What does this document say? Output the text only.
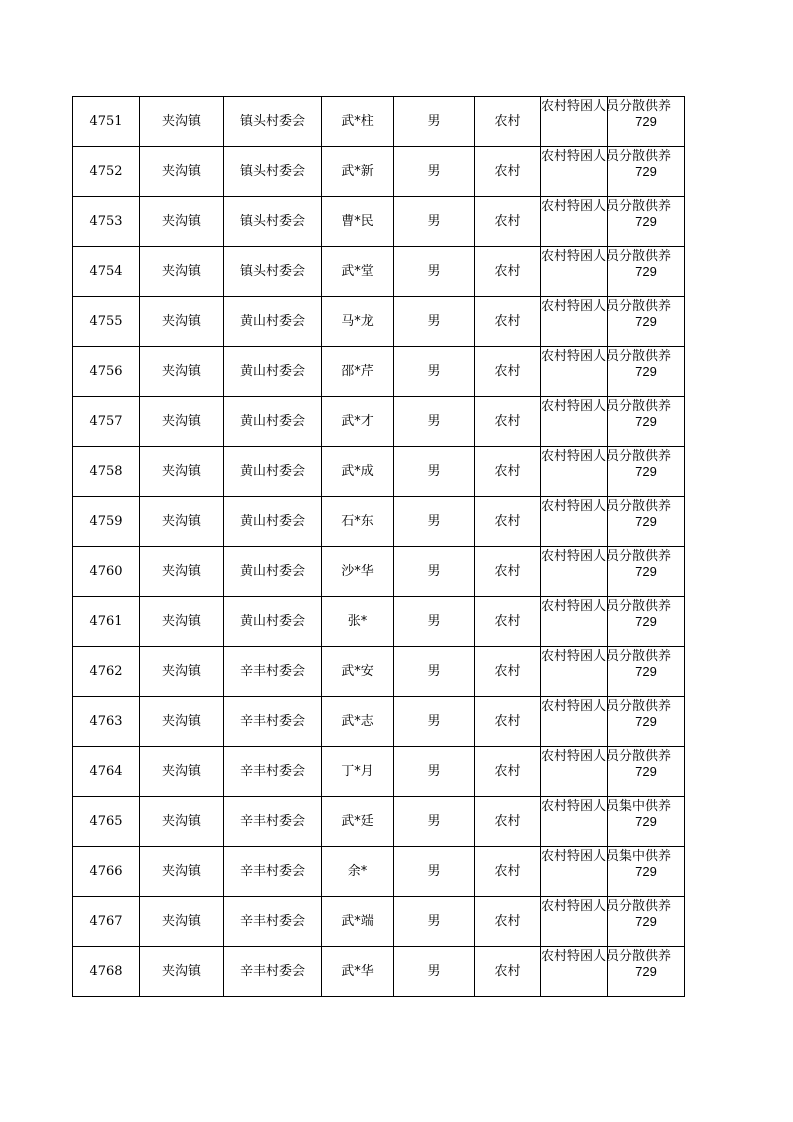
4751	夹沟镇	镇头村委会	武*柱	男	农村	农村特困人员分散供养	729
4752	夹沟镇	镇头村委会	武*新	男	农村	农村特困人员分散供养	729
4753	夹沟镇	镇头村委会	曹*民	男	农村	农村特困人员分散供养	729
4754	夹沟镇	镇头村委会	武*堂	男	农村	农村特困人员分散供养	729
4755	夹沟镇	黄山村委会	马*龙	男	农村	农村特困人员分散供养	729
4756	夹沟镇	黄山村委会	邵*芹	男	农村	农村特困人员分散供养	729
4757	夹沟镇	黄山村委会	武*才	男	农村	农村特困人员分散供养	729
4758	夹沟镇	黄山村委会	武*成	男	农村	农村特困人员分散供养	729
4759	夹沟镇	黄山村委会	石*东	男	农村	农村特困人员分散供养	729
4760	夹沟镇	黄山村委会	沙*华	男	农村	农村特困人员分散供养	729
4761	夹沟镇	黄山村委会	张*	男	农村	农村特困人员分散供养	729
4762	夹沟镇	辛丰村委会	武*安	男	农村	农村特困人员分散供养	729
4763	夹沟镇	辛丰村委会	武*志	男	农村	农村特困人员分散供养	729
4764	夹沟镇	辛丰村委会	丁*月	男	农村	农村特困人员分散供养	729
4765	夹沟镇	辛丰村委会	武*廷	男	农村	农村特困人员集中供养	729
4766	夹沟镇	辛丰村委会	余*	男	农村	农村特困人员集中供养	729
4767	夹沟镇	辛丰村委会	武*端	男	农村	农村特困人员分散供养	729
4768	夹沟镇	辛丰村委会	武*华	男	农村	农村特困人员分散供养	729
